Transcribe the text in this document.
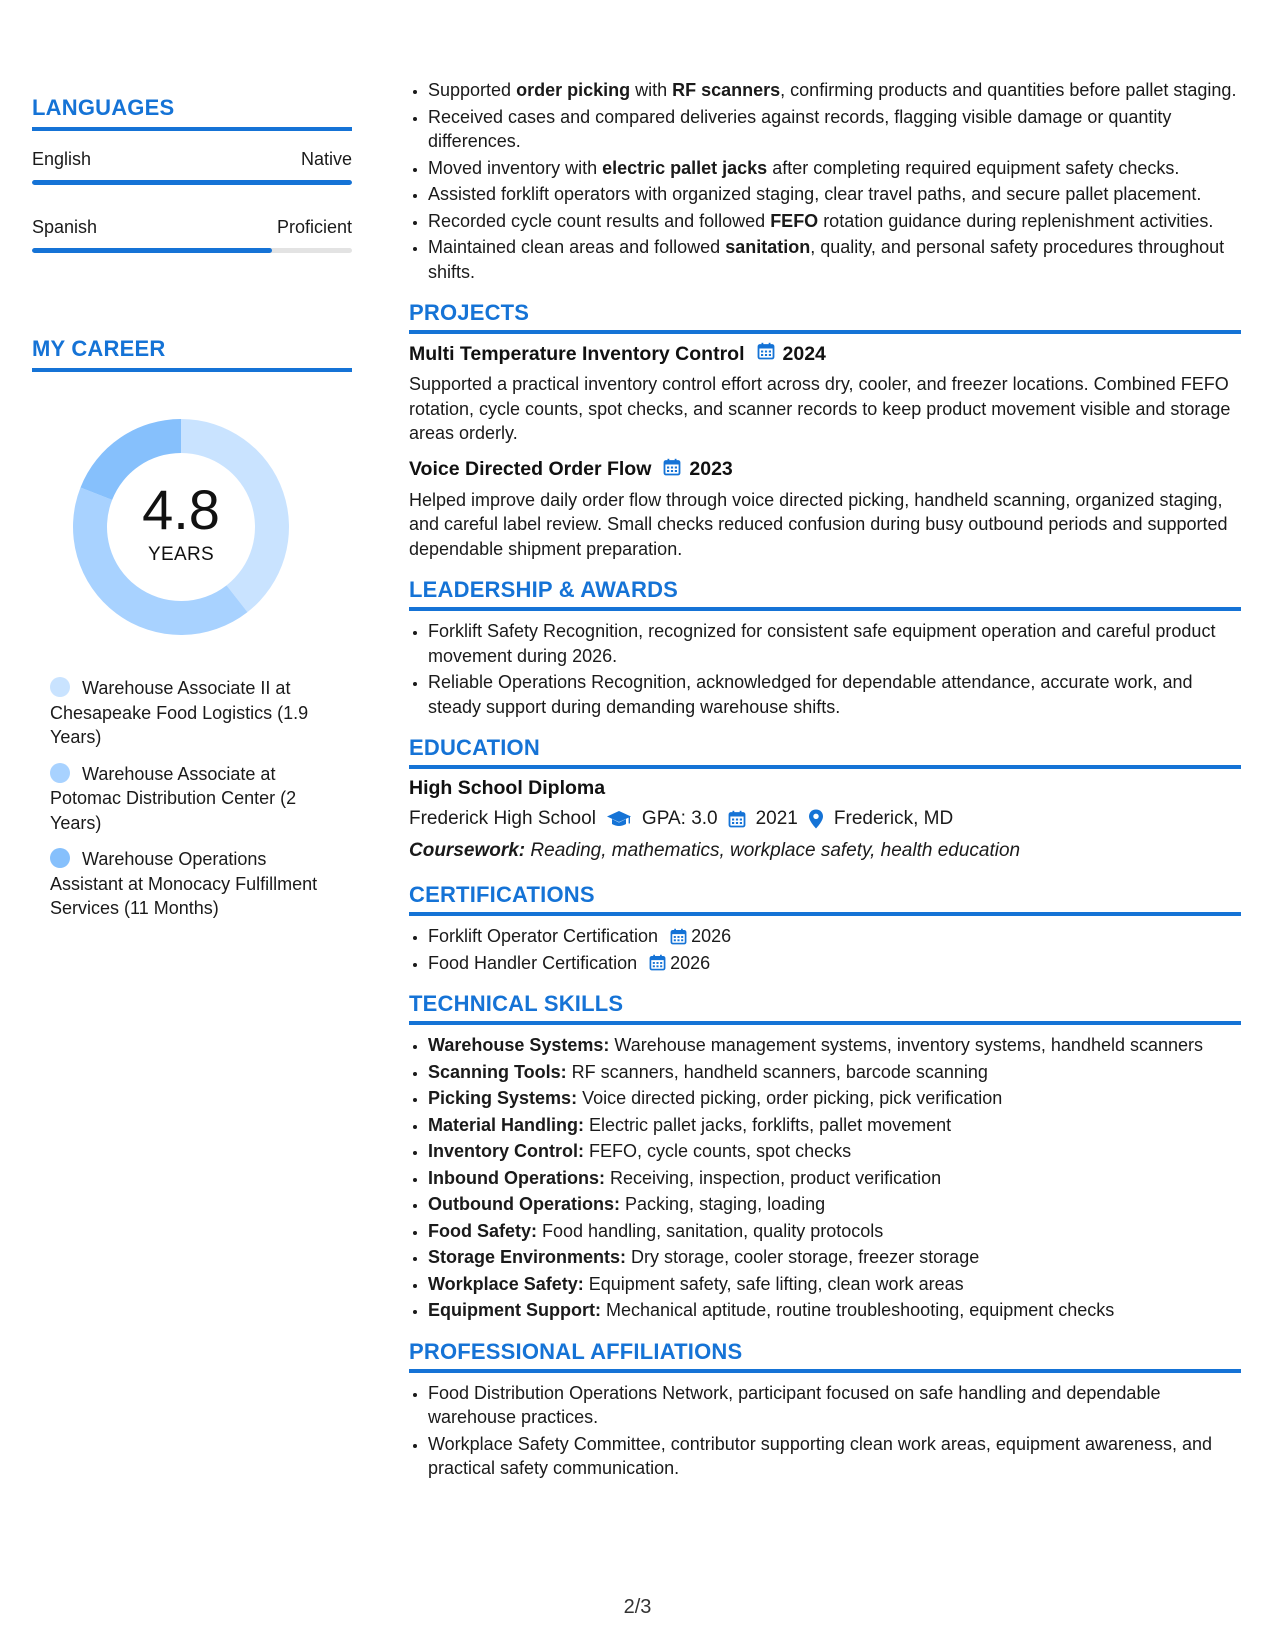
LANGUAGES
English	Native
Spanish	Proficient
MY CAREER
4.8
YEARS
Warehouse Associate II at Chesapeake Food Logistics (1.9 Years)
Warehouse Associate at Potomac Distribution Center (2 Years)
Warehouse Operations Assistant at Monocacy Fulfillment Services (11 Months)
• Supported order picking with RF scanners, confirming products and quantities before pallet staging.
• Received cases and compared deliveries against records, flagging visible damage or quantity differences.
• Moved inventory with electric pallet jacks after completing required equipment safety checks.
• Assisted forklift operators with organized staging, clear travel paths, and secure pallet placement.
• Recorded cycle count results and followed FEFO rotation guidance during replenishment activities.
• Maintained clean areas and followed sanitation, quality, and personal safety procedures throughout shifts.
PROJECTS
Multi Temperature Inventory Control 2024
Supported a practical inventory control effort across dry, cooler, and freezer locations. Combined FEFO rotation, cycle counts, spot checks, and scanner records to keep product movement visible and storage areas orderly.
Voice Directed Order Flow 2023
Helped improve daily order flow through voice directed picking, handheld scanning, organized staging, and careful label review. Small checks reduced confusion during busy outbound periods and supported dependable shipment preparation.
LEADERSHIP & AWARDS
• Forklift Safety Recognition, recognized for consistent safe equipment operation and careful product movement during 2026.
• Reliable Operations Recognition, acknowledged for dependable attendance, accurate work, and steady support during demanding warehouse shifts.
EDUCATION
High School Diploma
Frederick High School GPA: 3.0 2021 Frederick, MD
Coursework: Reading, mathematics, workplace safety, health education
CERTIFICATIONS
• Forklift Operator Certification 2026
• Food Handler Certification 2026
TECHNICAL SKILLS
• Warehouse Systems: Warehouse management systems, inventory systems, handheld scanners
• Scanning Tools: RF scanners, handheld scanners, barcode scanning
• Picking Systems: Voice directed picking, order picking, pick verification
• Material Handling: Electric pallet jacks, forklifts, pallet movement
• Inventory Control: FEFO, cycle counts, spot checks
• Inbound Operations: Receiving, inspection, product verification
• Outbound Operations: Packing, staging, loading
• Food Safety: Food handling, sanitation, quality protocols
• Storage Environments: Dry storage, cooler storage, freezer storage
• Workplace Safety: Equipment safety, safe lifting, clean work areas
• Equipment Support: Mechanical aptitude, routine troubleshooting, equipment checks
PROFESSIONAL AFFILIATIONS
• Food Distribution Operations Network, participant focused on safe handling and dependable warehouse practices.
• Workplace Safety Committee, contributor supporting clean work areas, equipment awareness, and practical safety communication.
2/3
